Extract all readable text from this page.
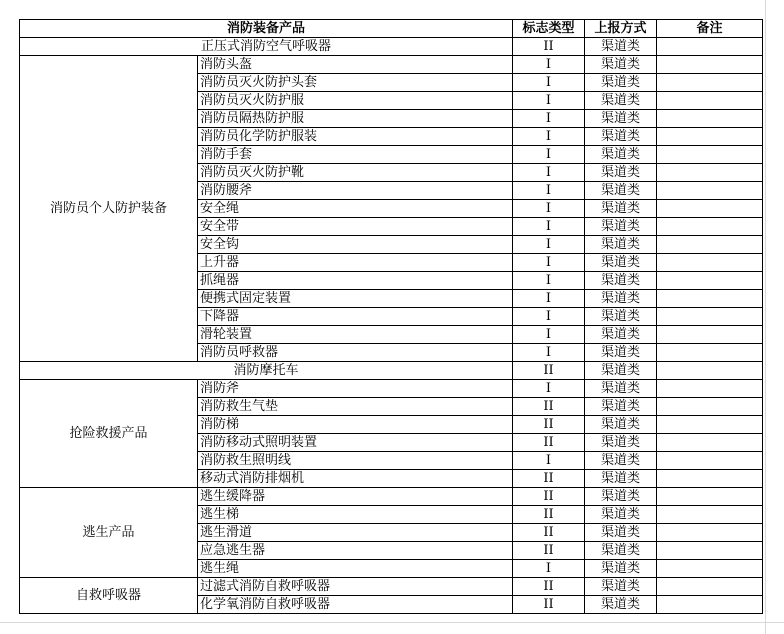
消防装备产品		标志类型	上报方式	备注
正压式消防空气呼吸器		II	渠道类	
消防员个人防护装备	消防头盔	I	渠道类	
	消防员灭火防护头套	I	渠道类	
	消防员灭火防护服	I	渠道类	
	消防员隔热防护服	I	渠道类	
	消防员化学防护服装	I	渠道类	
	消防手套	I	渠道类	
	消防员灭火防护靴	I	渠道类	
	消防腰斧	I	渠道类	
	安全绳	I	渠道类	
	安全带	I	渠道类	
	安全钩	I	渠道类	
	上升器	I	渠道类	
	抓绳器	I	渠道类	
	便携式固定装置	I	渠道类	
	下降器	I	渠道类	
	滑轮装置	I	渠道类	
	消防员呼救器	I	渠道类	
消防摩托车		II	渠道类	
抢险救援产品	消防斧	I	渠道类	
	消防救生气垫	II	渠道类	
	消防梯	II	渠道类	
	消防移动式照明装置	II	渠道类	
	消防救生照明线	I	渠道类	
	移动式消防排烟机	II	渠道类	
逃生产品	逃生缓降器	II	渠道类	
	逃生梯	II	渠道类	
	逃生滑道	II	渠道类	
	应急逃生器	II	渠道类	
	逃生绳	I	渠道类	
自救呼吸器	过滤式消防自救呼吸器	II	渠道类	
	化学氧消防自救呼吸器	II	渠道类	
